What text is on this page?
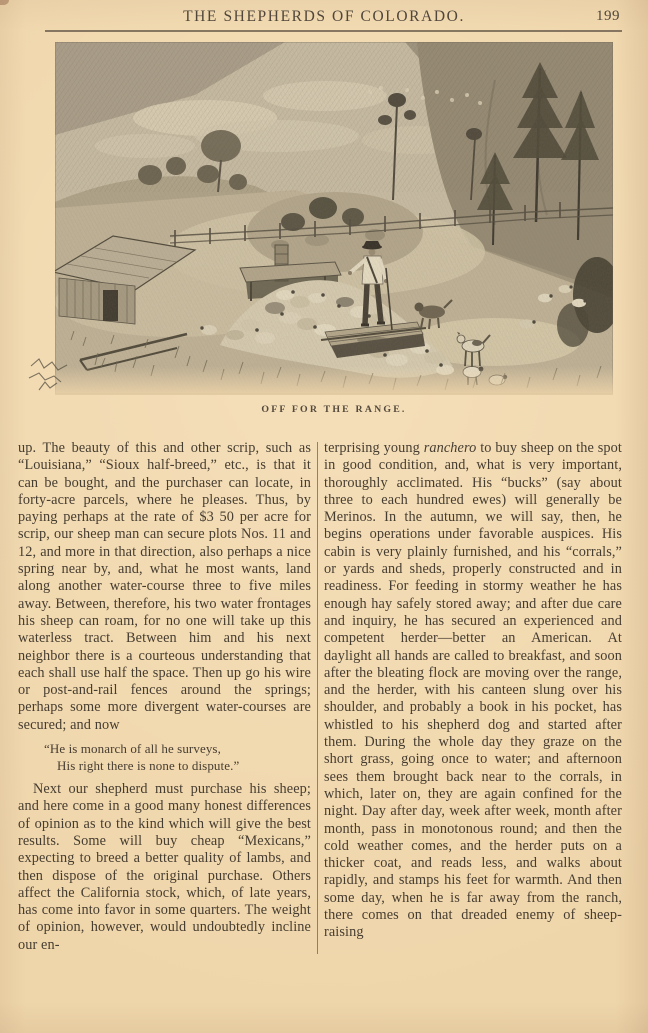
THE SHEPHERDS OF COLORADO.	199
OFF FOR THE RANGE.

up. The beauty of this and other scrip, such as “Louisiana,” “Sioux half-breed,” etc., is that it can be bought, and the purchaser can locate, in forty-acre parcels, where he pleases. Thus, by paying perhaps at the rate of $3 50 per acre for scrip, our sheep man can secure plots Nos. 11 and 12, and more in that direction, also perhaps a nice spring near by, and, what he most wants, land along another water-course three to five miles away. Between, therefore, his two water frontages his sheep can roam, for no one will take up this waterless tract. Between him and his next neighbor there is a courteous understanding that each shall use half the space. Then up go his wire or post-and-rail fences around the springs; perhaps some more divergent water-courses are secured; and now

“He is monarch of all he surveys,
His right there is none to dispute.”

Next our shepherd must purchase his sheep; and here come in a good many honest differences of opinion as to the kind which will give the best results. Some will buy cheap “Mexicans,” expecting to breed a better quality of lambs, and then dispose of the original purchase. Others affect the California stock, which, of late years, has come into favor in some quarters. The weight of opinion, however, would undoubtedly incline our en-

terprising young ranchero to buy sheep on the spot in good condition, and, what is very important, thoroughly acclimated. His “bucks” (say about three to each hundred ewes) will generally be Merinos. In the autumn, we will say, then, he begins operations under favorable auspices. His cabin is very plainly furnished, and his “corrals,” or yards and sheds, properly constructed and in readiness. For feeding in stormy weather he has enough hay safely stored away; and after due care and inquiry, he has secured an experienced and competent herder—better an American. At daylight all hands are called to breakfast, and soon after the bleating flock are moving over the range, and the herder, with his canteen slung over his shoulder, and probably a book in his pocket, has whistled to his shepherd dog and started after them. During the whole day they graze on the short grass, going once to water; and afternoon sees them brought back near to the corrals, in which, later on, they are again confined for the night. Day after day, week after week, month after month, pass in monotonous round; and then the cold weather comes, and the herder puts on a thicker coat, and reads less, and walks about rapidly, and stamps his feet for warmth. And then some day, when he is far away from the ranch, there comes on that dreaded enemy of sheep-raising
